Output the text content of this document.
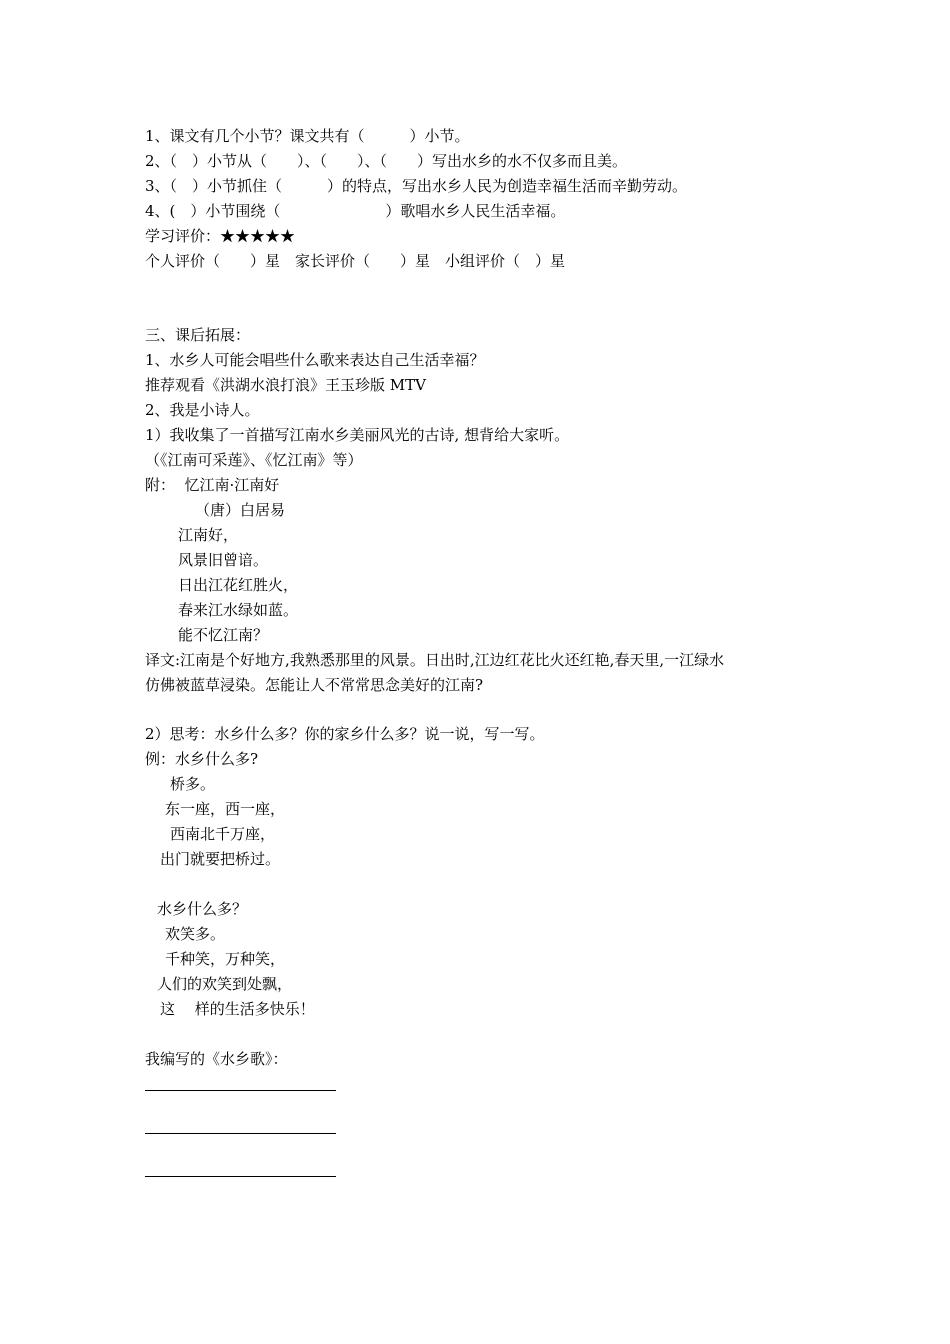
1、课文有几个小节？课文共有（　　　）小节。
2、（　）小节从（　　）、（　　）、（　　）写出水乡的水不仅多而且美。
3、（　）小节抓住（　　　）的特点，写出水乡人民为创造幸福生活而辛勤劳动。
4、(　）小节围绕（　　　　　　　）歌唱水乡人民生活幸福。
学习评价：★★★★★
个人评价（　　）星　家长评价（　　）星　小组评价（　）星
三、课后拓展：
1、水乡人可能会唱些什么歌来表达自己生活幸福？
推荐观看《洪湖水浪打浪》王玉珍版 MTV
2、我是小诗人。
1）我收集了一首描写江南水乡美丽风光的古诗, 想背给大家听。
（《江南可采莲》、《忆江南》等）
附：  忆江南·江南好
（唐）白居易
江南好，
风景旧曾谙。
日出江花红胜火，
春来江水绿如蓝。
能不忆江南？
译文:江南是个好地方,我熟悉那里的风景。日出时,江边红花比火还红艳,春天里,一江绿水
仿佛被蓝草浸染。怎能让人不常常思念美好的江南?
2）思考：水乡什么多？你的家乡什么多？说一说，写一写。
例：水乡什么多?
桥多。
东一座，西一座，
西南北千万座，
出门就要把桥过。
水乡什么多？
欢笑多。
千种笑，万种笑，
人们的欢笑到处飘，
这　 样的生活多快乐！
我编写的《水乡歌》：
